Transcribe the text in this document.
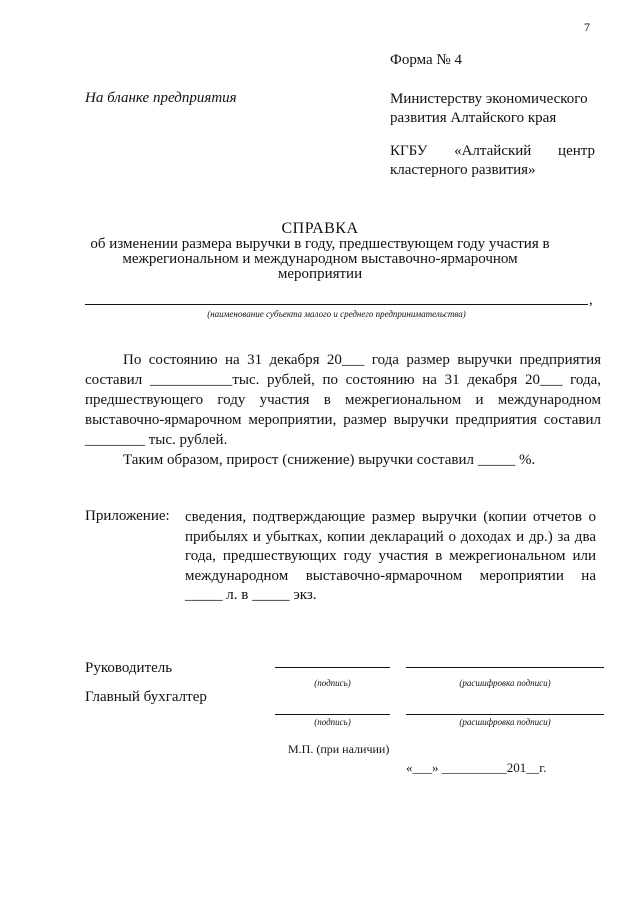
7
Форма № 4
На бланке предприятия	Министерству экономического

развития Алтайского края

КГБУ «Алтайский центр

кластерного развития»

СПРАВКА
об изменении размера выручки в году, предшествующем году участия в
межрегиональном и международном выставочно-ярмарочном мероприятии
,
(наименование субъекта малого и среднего предпринимательства)

По состоянию на 31 декабря 20___ года размер выручки предприятия составил ___________тыс. рублей, по состоянию на 31 декабря 20___ года, предшествующего году участия в межрегиональном и международном выставочно-ярмарочном мероприятии, размер выручки предприятия составил ________ тыс. рублей.

Таким образом, прирост (снижение) выручки составил _____ %.

Приложение: сведения, подтверждающие размер выручки (копии отчетов о прибылях и убытках, копии деклараций о доходах и др.) за два года, предшествующих году участия в межрегиональном или международном выставочно-ярмарочном мероприятии на _____ л. в _____ экз.
Руководитель
(подпись)	(расшифровка подписи)
Главный бухгалтер
(подпись)	(расшифровка подписи)
М.П. (при наличии)
«___» __________201__г.
